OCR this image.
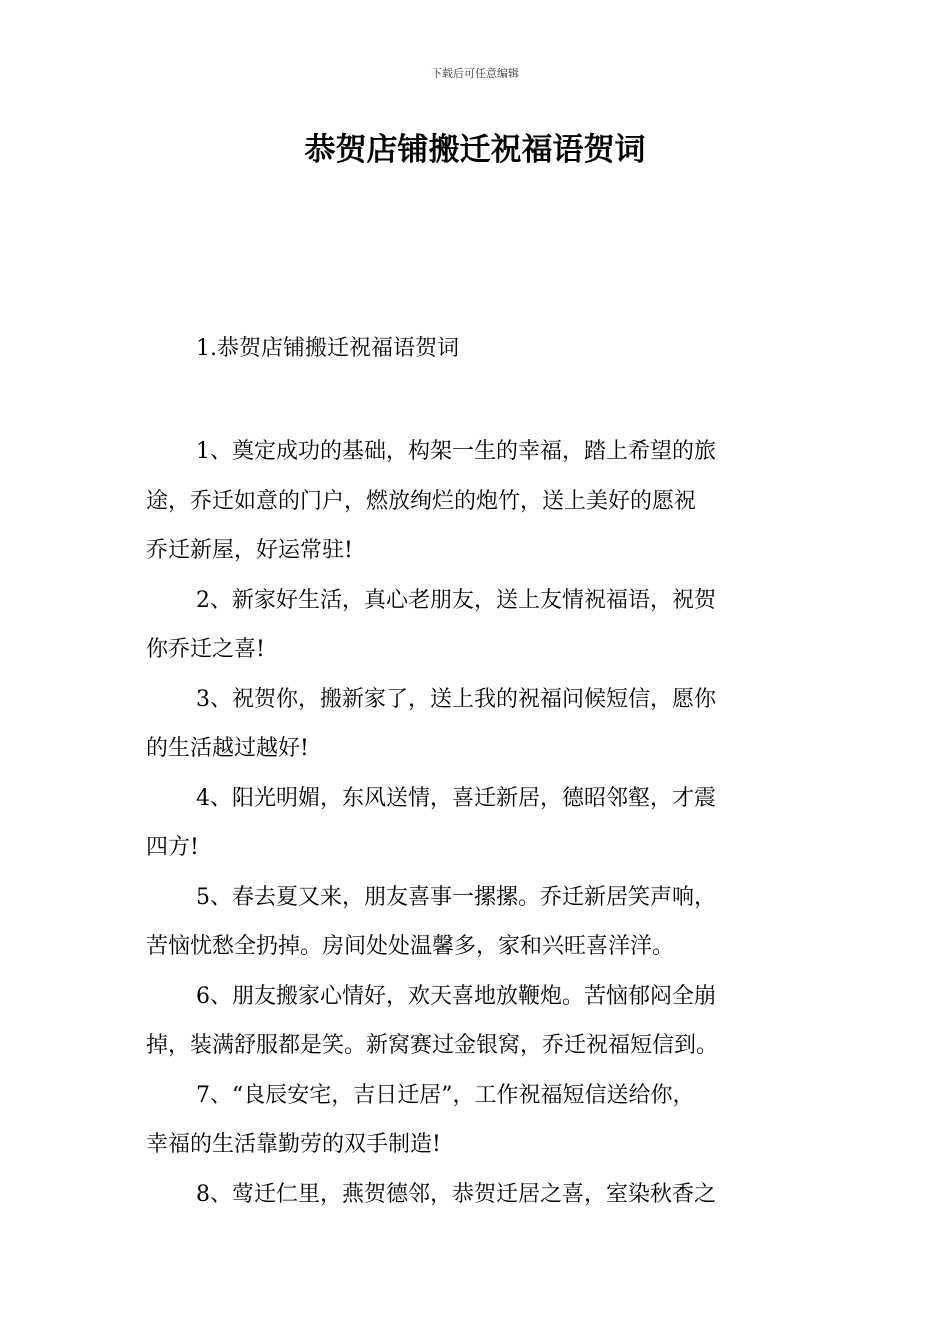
下载后可任意编辑
恭贺店铺搬迁祝福语贺词
1.恭贺店铺搬迁祝福语贺词

1、奠定成功的基础，构架一生的幸福，踏上希望的旅
途，乔迁如意的门户，燃放绚烂的炮竹，送上美好的愿祝
乔迁新屋，好运常驻!

2、新家好生活，真心老朋友，送上友情祝福语，祝贺
你乔迁之喜!

3、祝贺你，搬新家了，送上我的祝福问候短信，愿你
的生活越过越好!

4、阳光明媚，东风送情，喜迁新居，德昭邻壑，才震
四方!

5、春去夏又来，朋友喜事一摞摞。乔迁新居笑声响，
苦恼忧愁全扔掉。房间处处温馨多，家和兴旺喜洋洋。

6、朋友搬家心情好，欢天喜地放鞭炮。苦恼郁闷全崩
掉，装满舒服都是笑。新窝赛过金银窝，乔迁祝福短信到。

7、“良辰安宅，吉日迁居”，工作祝福短信送给你，
幸福的生活靠勤劳的双手制造!

8、莺迁仁里，燕贺德邻，恭贺迁居之喜，室染秋香之
